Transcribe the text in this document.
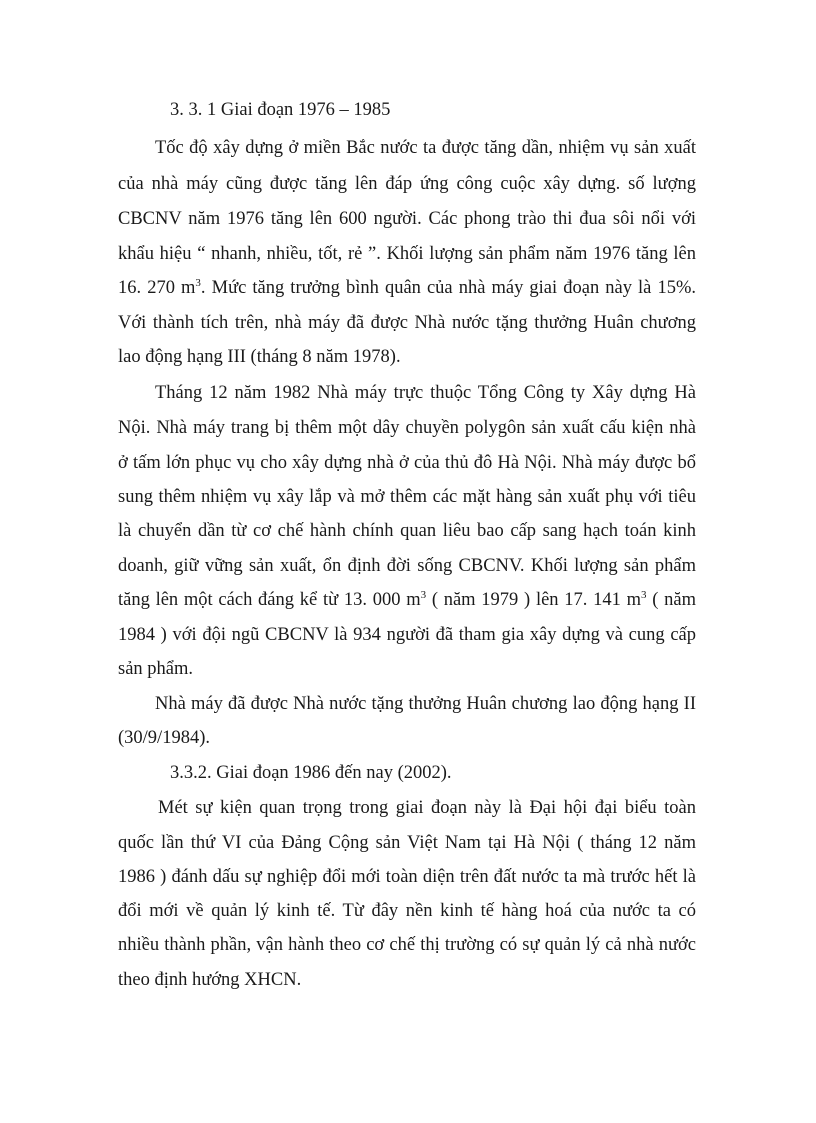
3. 3. 1 Giai đoạn 1976 – 1985
Tốc độ xây dựng ở miền Bắc nước ta được tăng dần, nhiệm vụ sản xuất
của nhà máy cũng được tăng lên đáp ứng công cuộc xây dựng. số lượng
CBCNV năm 1976 tăng lên 600 người. Các phong trào thi đua sôi nổi với
khẩu hiệu “ nhanh, nhiều, tốt, rẻ ”. Khối lượng sản phẩm năm 1976 tăng lên
16. 270 $m^3$. Mức tăng trưởng bình quân của nhà máy giai đoạn này là 15%.
Với thành tích trên, nhà máy đã được Nhà nước tặng thưởng Huân chương
lao động hạng III (tháng 8 năm 1978).
Tháng 12 năm 1982 Nhà máy trực thuộc Tổng Công ty Xây dựng Hà
Nội. Nhà máy trang bị thêm một dây chuyền polygôn sản xuất cấu kiện nhà
ở tấm lớn phục vụ cho xây dựng nhà ở của thủ đô Hà Nội. Nhà máy được bổ
sung thêm nhiệm vụ xây lắp và mở thêm các mặt hàng sản xuất phụ với tiêu
là chuyển dần từ cơ chế hành chính quan liêu bao cấp sang hạch toán kinh
doanh, giữ vững sản xuất, ổn định đời sống CBCNV. Khối lượng sản phẩm
tăng lên một cách đáng kể từ 13. 000 $m^3$ ( năm 1979 ) lên 17. 141 $m^3$ ( năm
1984 ) với đội ngũ CBCNV là 934 người đã tham gia xây dựng và cung cấp
sản phẩm.
Nhà máy đã được Nhà nước tặng thưởng Huân chương lao động hạng II
(30/9/1984).
3.3.2. Giai đoạn 1986 đến nay (2002).
Mét sự kiện quan trọng trong giai đoạn này là Đại hội đại biểu toàn
quốc lần thứ VI của Đảng Cộng sản Việt Nam tại Hà Nội ( tháng 12 năm
1986 ) đánh dấu sự nghiệp đổi mới toàn diện trên đất nước ta mà trước hết là
đổi mới về quản lý kinh tế. Từ đây nền kinh tế hàng hoá của nước ta có
nhiều thành phần, vận hành theo cơ chế thị trường có sự quản lý cả nhà nước
theo định hướng XHCN.
